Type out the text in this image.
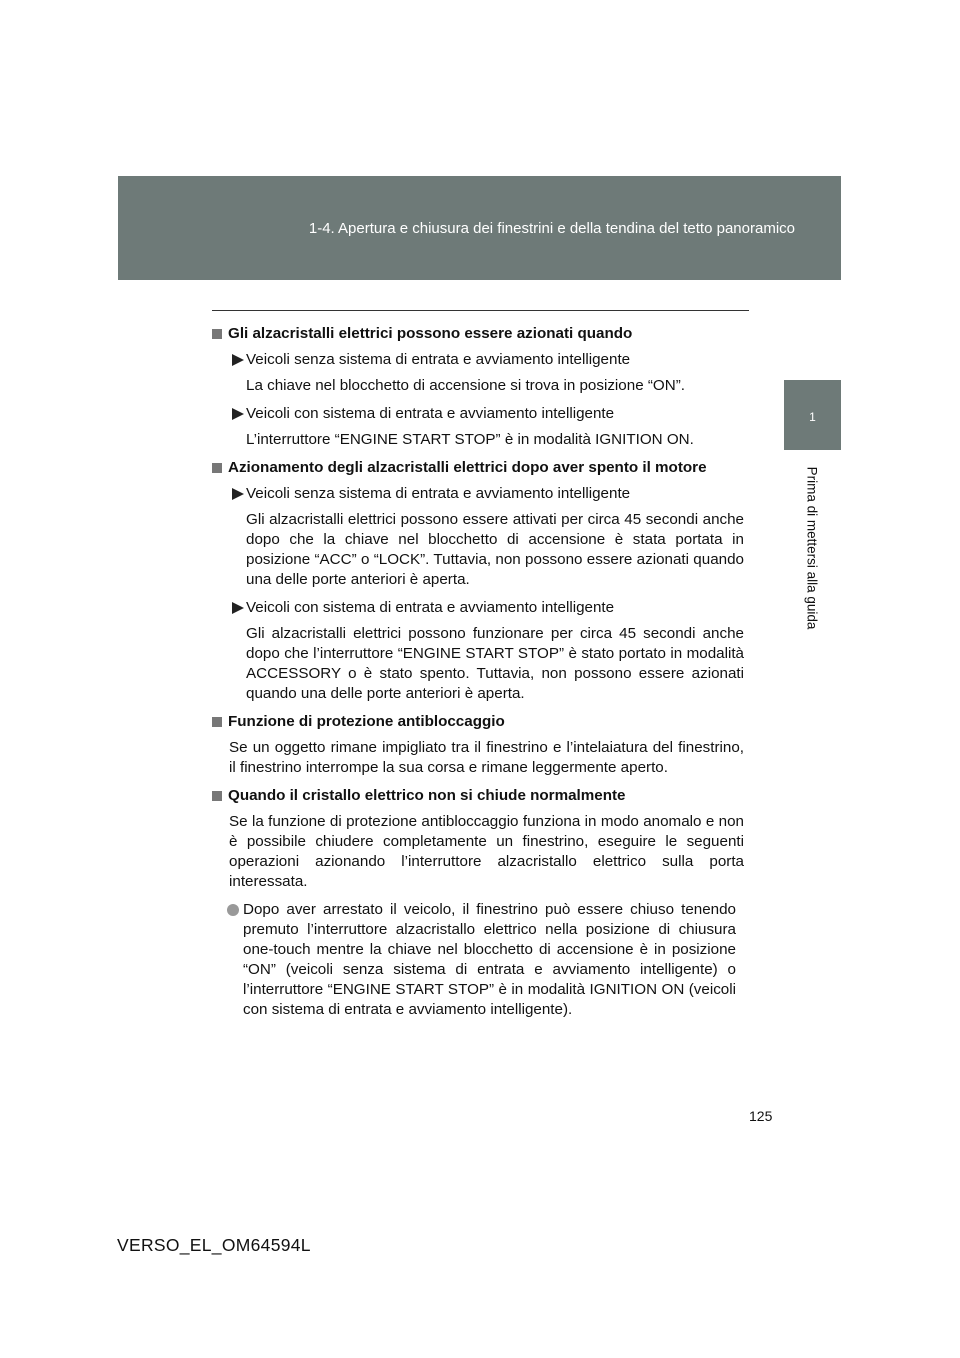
1-4. Apertura e chiusura dei finestrini e della tendina del tetto panoramico
1
Prima di mettersi alla guida

Gli alzacristalli elettrici possono essere azionati quando

Veicoli senza sistema di entrata e avviamento intelligente

La chiave nel blocchetto di accensione si trova in posizione “ON”.

Veicoli con sistema di entrata e avviamento intelligente

L’interruttore “ENGINE START STOP” è in modalità IGNITION ON.

Azionamento degli alzacristalli elettrici dopo aver spento il motore

Veicoli senza sistema di entrata e avviamento intelligente

Gli alzacristalli elettrici possono essere attivati per circa 45 secondi anche dopo che la chiave nel blocchetto di accensione è stata portata in posizione “ACC” o “LOCK”. Tuttavia, non possono essere azionati quando una delle porte anteriori è aperta.

Veicoli con sistema di entrata e avviamento intelligente

Gli alzacristalli elettrici possono funzionare per circa 45 secondi anche dopo che l’interruttore “ENGINE START STOP” è stato portato in modalità ACCESSORY o è stato spento. Tuttavia, non possono essere azionati quando una delle porte anteriori è aperta.

Funzione di protezione antibloccaggio

Se un oggetto rimane impigliato tra il finestrino e l’intelaiatura del finestrino, il finestrino interrompe la sua corsa e rimane leggermente aperto.

Quando il cristallo elettrico non si chiude normalmente

Se la funzione di protezione antibloccaggio funziona in modo anomalo e non è possibile chiudere completamente un finestrino, eseguire le seguenti operazioni azionando l’interruttore alzacristallo elettrico sulla porta interessata.

Dopo aver arrestato il veicolo, il finestrino può essere chiuso tenendo premuto l’interruttore alzacristallo elettrico nella posizione di chiusura one-touch mentre la chiave nel blocchetto di accensione è in posizione “ON” (veicoli senza sistema di entrata e avviamento intelligente) o l’interruttore “ENGINE START STOP” è in modalità IGNITION ON (veicoli con sistema di entrata e avviamento intelligente).

125
VERSO_EL_OM64594L
